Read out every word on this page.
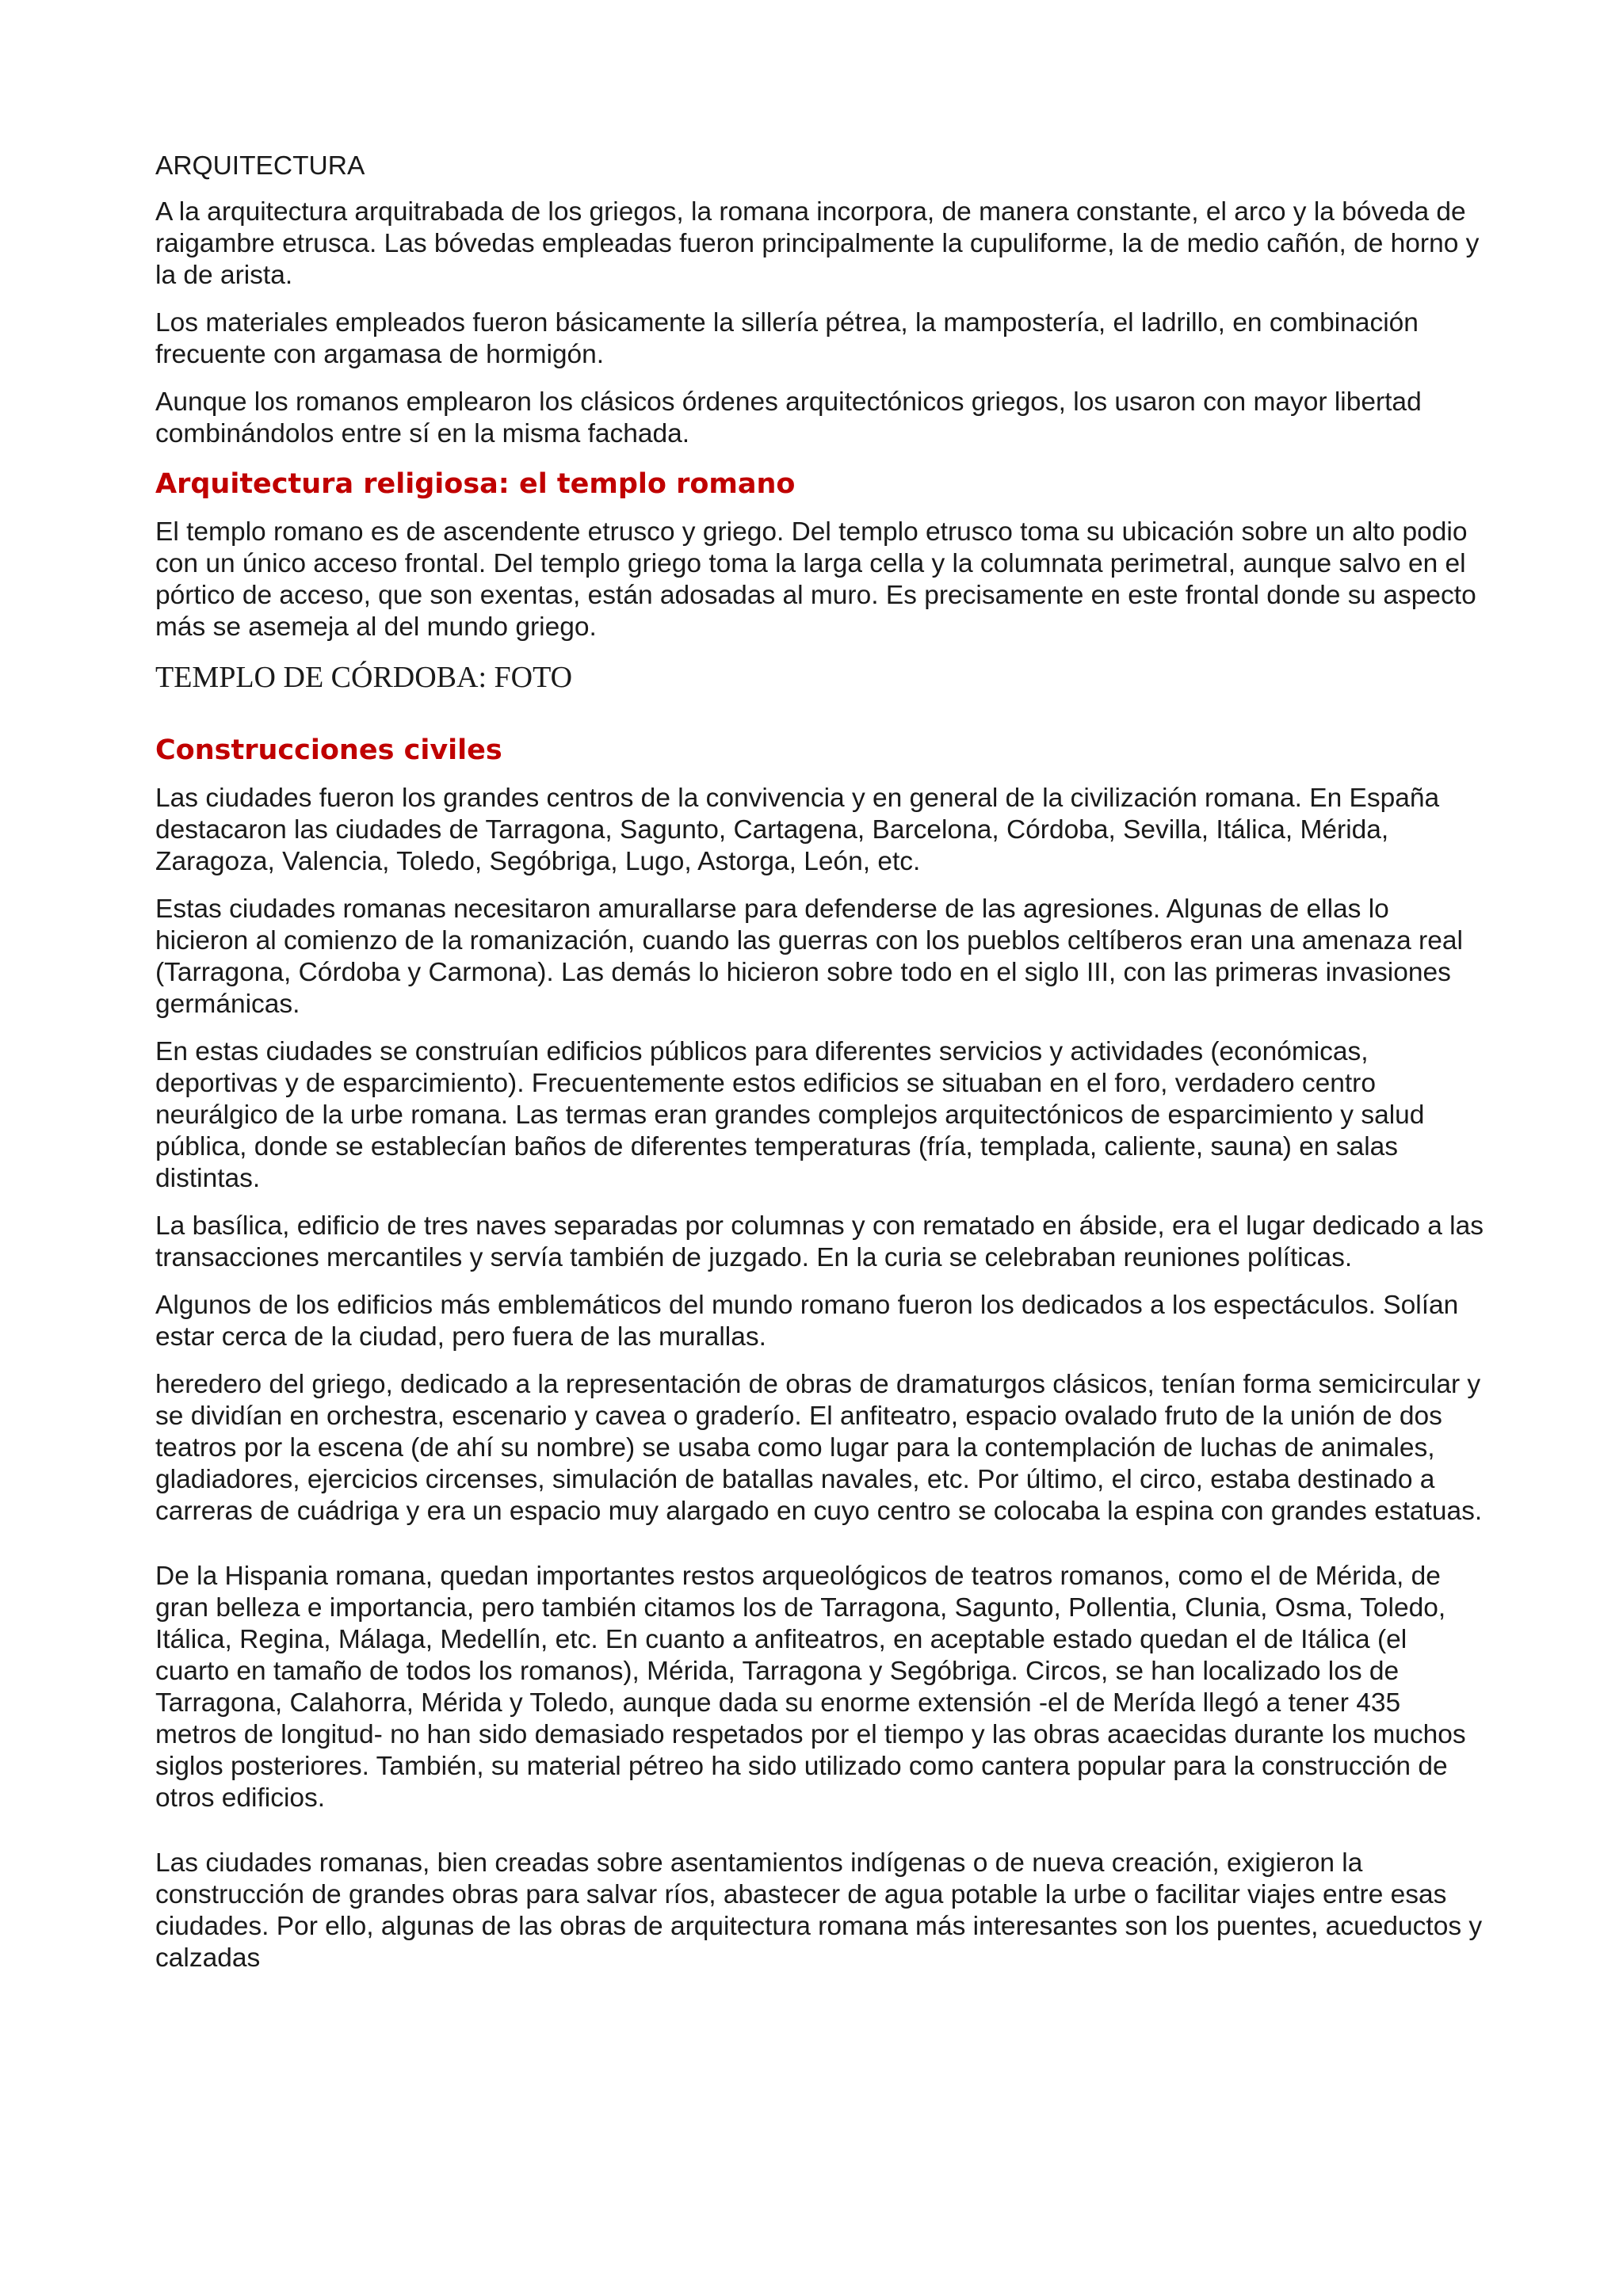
ARQUITECTURA

A la arquitectura arquitrabada de los griegos, la romana incorpora, de manera constante, el arco y la bóveda de raigambre etrusca. Las bóvedas empleadas fueron principalmente la cupuliforme, la de medio cañón, de horno y la de arista.

Los materiales empleados fueron básicamente la sillería pétrea, la mampostería, el ladrillo, en combinación frecuente con argamasa de hormigón.

Aunque los romanos emplearon los clásicos órdenes arquitectónicos griegos, los usaron con mayor libertad combinándolos entre sí en la misma fachada.

Arquitectura religiosa: el templo romano

El templo romano es de ascendente etrusco y griego. Del templo etrusco toma su ubicación sobre un alto podio con un único acceso frontal. Del templo griego toma la larga cella y la columnata perimetral, aunque salvo en el pórtico de acceso, que son exentas, están adosadas al muro. Es precisamente en este frontal donde su aspecto más se asemeja al del mundo griego.

TEMPLO DE CÓRDOBA: FOTO
Construcciones civiles

Las ciudades fueron los grandes centros de la convivencia y en general de la civilización romana. En España destacaron las ciudades de Tarragona, Sagunto, Cartagena, Barcelona, Córdoba, Sevilla, Itálica, Mérida, Zaragoza, Valencia, Toledo, Segóbriga, Lugo, Astorga, León, etc.

Estas ciudades romanas necesitaron amurallarse para defenderse de las agresiones. Algunas de ellas lo hicieron al comienzo de la romanización, cuando las guerras con los pueblos celtíberos eran una amenaza real (Tarragona, Córdoba y Carmona). Las demás lo hicieron sobre todo en el siglo III, con las primeras invasiones germánicas.

En estas ciudades se construían edificios públicos para diferentes servicios y actividades (económicas, deportivas y de esparcimiento). Frecuentemente estos edificios se situaban en el foro, verdadero centro neurálgico de la urbe romana. Las termas eran grandes complejos arquitectónicos de esparcimiento y salud pública, donde se establecían baños de diferentes temperaturas (fría, templada, caliente, sauna) en salas distintas.

La basílica, edificio de tres naves separadas por columnas y con rematado en ábside, era el lugar dedicado a las transacciones mercantiles y servía también de juzgado. En la curia se celebraban reuniones políticas.

Algunos de los edificios más emblemáticos del mundo romano fueron los dedicados a los espectáculos. Solían estar cerca de la ciudad, pero fuera de las murallas.

heredero del griego, dedicado a la representación de obras de dramaturgos clásicos, tenían forma semicircular y se dividían en orchestra, escenario y cavea o graderío. El anfiteatro, espacio ovalado fruto de la unión de dos teatros por la escena (de ahí su nombre) se usaba como lugar para la contemplación de luchas de animales, gladiadores, ejercicios circenses, simulación de batallas navales, etc. Por último, el circo, estaba destinado a carreras de cuádriga y era un espacio muy alargado en cuyo centro se colocaba la espina con grandes estatuas.

De la Hispania romana, quedan importantes restos arqueológicos de teatros romanos, como el de Mérida, de gran belleza e importancia, pero también citamos los de Tarragona, Sagunto, Pollentia, Clunia, Osma, Toledo, Itálica, Regina, Málaga, Medellín, etc. En cuanto a anfiteatros, en aceptable estado quedan el de Itálica (el cuarto en tamaño de todos los romanos), Mérida, Tarragona y Segóbriga. Circos, se han localizado los de Tarragona, Calahorra, Mérida y Toledo, aunque dada su enorme extensión -el de Merída llegó a tener 435 metros de longitud- no han sido demasiado respetados por el tiempo y las obras acaecidas durante los muchos siglos posteriores. También, su material pétreo ha sido utilizado como cantera popular para la construcción de otros edificios.

Las ciudades romanas, bien creadas sobre asentamientos indígenas o de nueva creación, exigieron la construcción de grandes obras para salvar ríos, abastecer de agua potable la urbe o facilitar viajes entre esas ciudades. Por ello, algunas de las obras de arquitectura romana más interesantes son los puentes, acueductos y calzadas
